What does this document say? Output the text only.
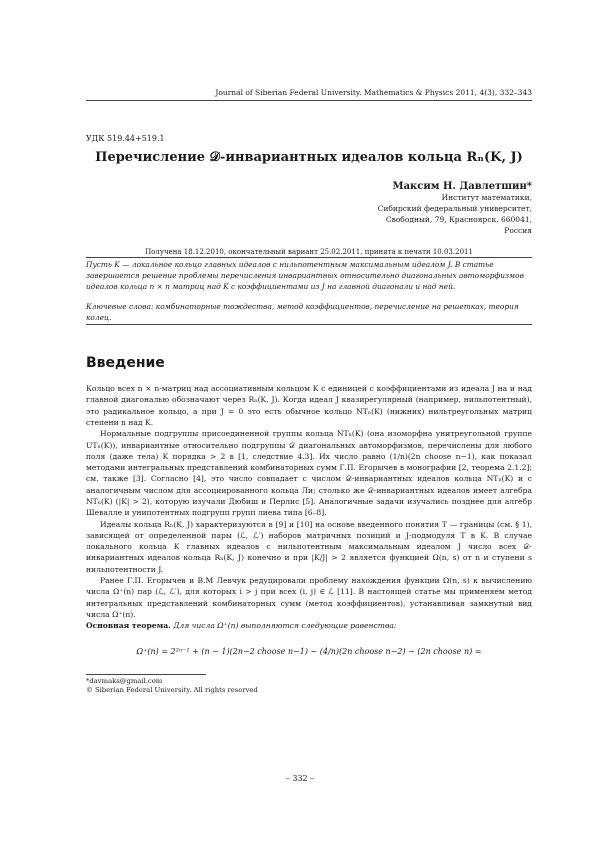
Journal of Siberian Federal University. Mathematics & Physics 2011, 4(3), 332–343
УДК 519.44+519.1
Перечисление 𝒟-инвариантных идеалов кольца Rₙ(K, J)
Максим Н. Давлетшин*
Институт математики,
Сибирский федеральный университет,
Свободный, 79, Красноярск, 660041,
Россия
Получена 18.12.2010, окончательный вариант 25.02.2011, принята к печати 10.03.2011
Пусть K — локальное кольцо главных идеалов с нильпотентным максимальным идеалом J. В статье завершается решение проблемы перечисления инвариантных относительно диагональных автоморфизмов идеалов кольца n × n матриц над K с коэффициентами из J на главной диагонали и над ней.
Ключевые слова: комбинаторные тождества, метод коэффициентов, перечисление на решетках, теория колец.
Введение

Кольцо всех n × n-матриц над ассоциативным кольцом K с единицей с коэффициентами из идеала J на и над главной диагональю обозначают через Rₙ(K, J). Когда идеал J квазирегулярный (например, нильпотентный), это радикальное кольцо, а при J = 0 это есть обычное кольцо NTₙ(K) (нижних) нильтреугольных матриц степени n над K.

Нормальные подгруппы присоединенной группы кольца NTₙ(K) (она изоморфна унитреугольной группе UTₙ(K)), инвариантные относительно подгруппы 𝒟 диагональных автоморфизмов, перечислены для любого поля (даже тела) K порядка > 2 в [1, следствие 4.3]. Их число равно (1/n)(2n choose n−1), как показал методами интегральных представлений комбинаторных сумм Г.П. Егорычев в монографии [2, теорема 2.1.2]; см. также [3]. Согласно [4], это число совпадает с числом 𝒟-инвариантных идеалов кольца NTₙ(K) и с аналогичным числом для ассоциированного кольца Ли; столько же 𝒟-инвариантных идеалов имеет алгебра NTₙ(K) (|K| > 2), которую изучали Дюбиш и Перлис [5]. Аналогичные задачи изучались позднее для алгебр Шевалле и унипотентных подгрупп групп лиева типа [6–8].

Идеалы кольца Rₙ(K, J) характеризуются в [9] и [10] на основе введенного понятия T — границы (см. § 1), зависящей от определенной пары (ℒ, ℒ′) наборов матричных позиций и J-подмодуля T в K. В случае локального кольца K главных идеалов с нильпотентным максимальным идеалом J число всех 𝒟-инвариантных идеалов кольца Rₙ(K, J) конечно и при |K/J| > 2 является функцией Ω(n, s) от n и ступени s нильпотентности J.

Ранее Г.П. Егорычев и В.М Левчук редуцировали проблему нахождения функции Ω(n, s) к вычислению числа Ω⁺(n) пар (ℒ, ℒ′), для которых i > j при всех (i, j) ∈ ℒ [11]. В настоящей статье мы применяем метод интегральных представлений комбинаторных сумм (метод коэффициентов), устанавливая замкнутый вид числа Ω⁺(n).

Основная теорема. Для числа Ω⁺(n) выполняются следующие равенства:

Ω⁺(n) = 2²ⁿ⁻¹ + (n − 1)(2n−2 choose n−1) − (4/n)(2n choose n−2) − (2n choose n) =
*davmaks@gmail.com
© Siberian Federal University. All rights reserved
– 332 –
